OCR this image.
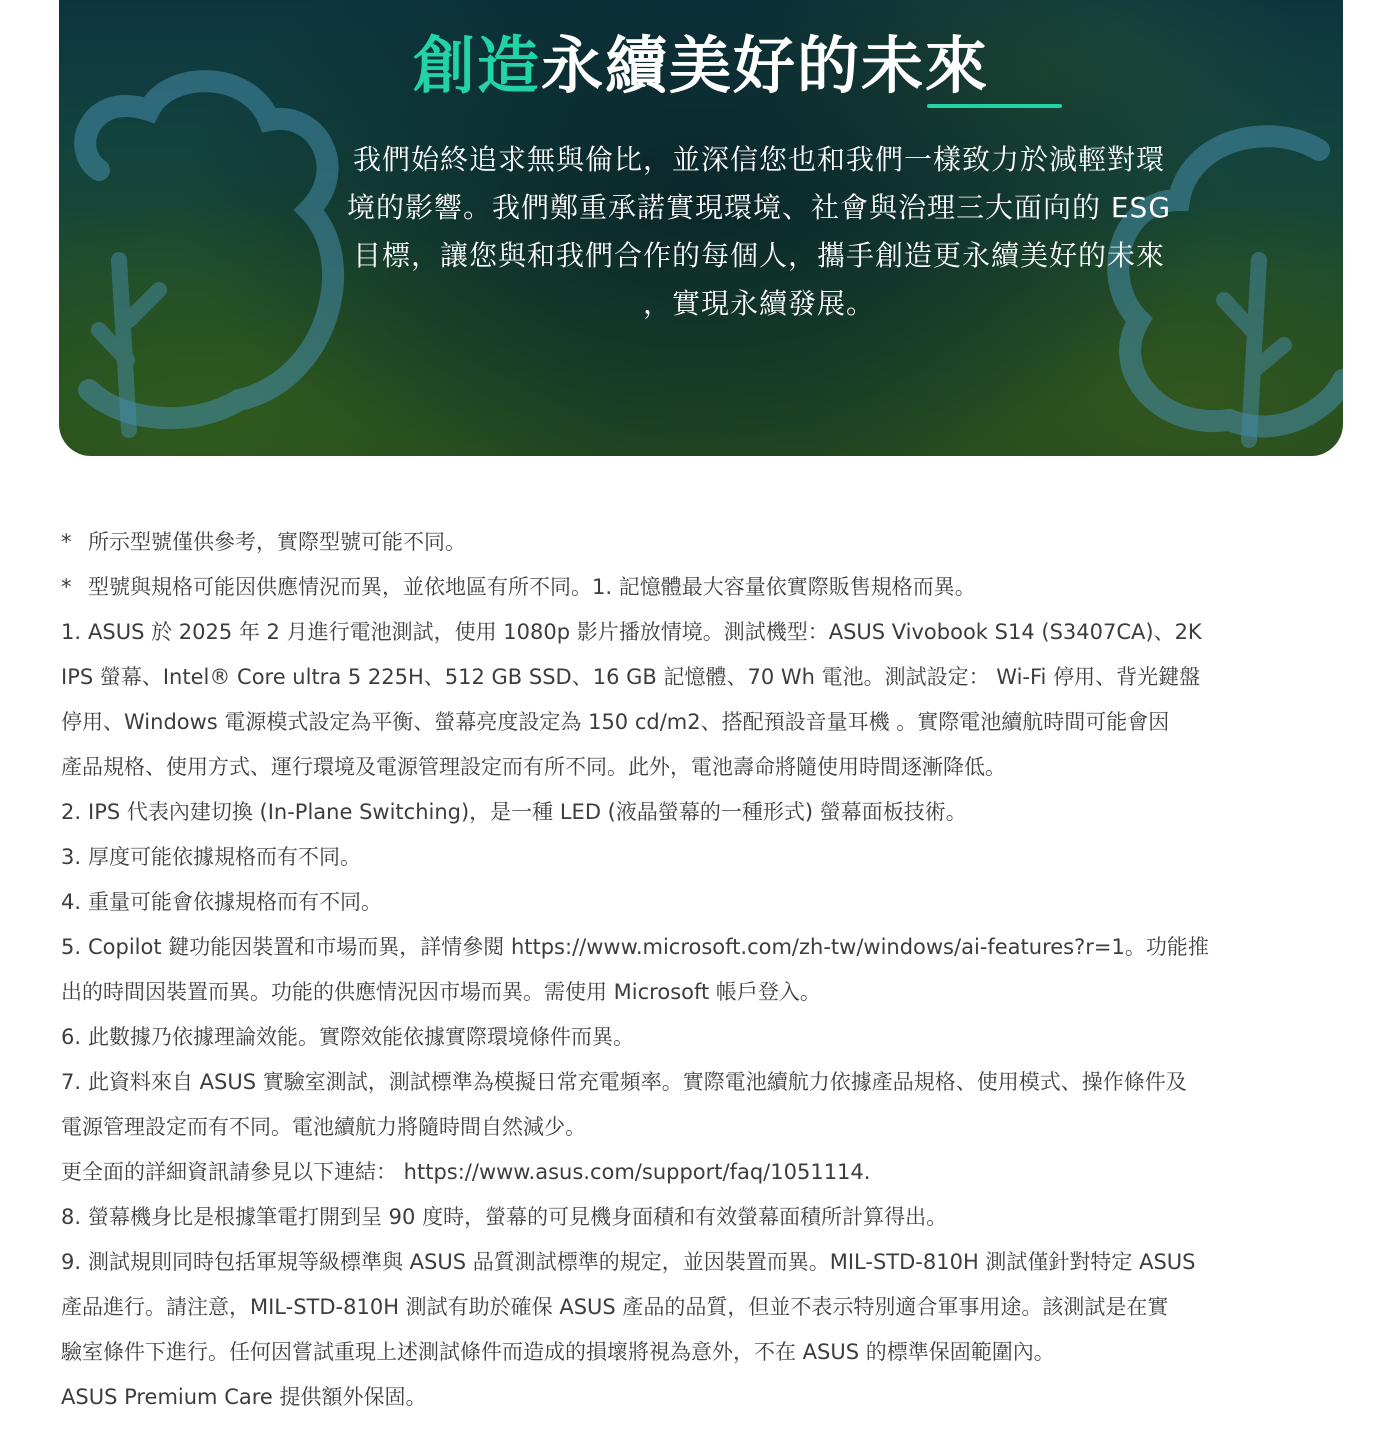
創造永續美好的未來

我們始終追求無與倫比，並深信您也和我們一樣致力於減輕對環

境的影響。我們鄭重承諾實現環境、社會與治理三大面向的 ESG

目標，讓您與和我們合作的每個人，攜手創造更永續美好的未來

，實現永續發展。

* 所示型號僅供參考，實際型號可能不同。

* 型號與規格可能因供應情況而異，並依地區有所不同。1. 記憶體最大容量依實際販售規格而異。

1. ASUS 於 2025 年 2 月進行電池測試，使用 1080p 影片播放情境。測試機型：ASUS Vivobook S14 (S3407CA)、2K

IPS 螢幕、Intel® Core ultra 5 225H、512 GB SSD、16 GB 記憶體、70 Wh 電池。測試設定： Wi-Fi 停用、背光鍵盤

停用、Windows 電源模式設定為平衡、螢幕亮度設定為 150 cd/m2、搭配預設音量耳機 。實際電池續航時間可能會因

產品規格、使用方式、運行環境及電源管理設定而有所不同。此外，電池壽命將隨使用時間逐漸降低。

2. IPS 代表內建切換 (In-Plane Switching)，是一種 LED (液晶螢幕的一種形式) 螢幕面板技術。

3. 厚度可能依據規格而有不同。

4. 重量可能會依據規格而有不同。

5. Copilot 鍵功能因裝置和市場而異，詳情參閱 https://www.microsoft.com/zh-tw/windows/ai-features?r=1。功能推

出的時間因裝置而異。功能的供應情況因市場而異。需使用 Microsoft 帳戶登入。

6. 此數據乃依據理論效能。實際效能依據實際環境條件而異。

7. 此資料來自 ASUS 實驗室測試，測試標準為模擬日常充電頻率。實際電池續航力依據產品規格、使用模式、操作條件及

電源管理設定而有不同。電池續航力將隨時間自然減少。

更全面的詳細資訊請參見以下連結： https://www.asus.com/support/faq/1051114.

8. 螢幕機身比是根據筆電打開到呈 90 度時，螢幕的可見機身面積和有效螢幕面積所計算得出。

9. 測試規則同時包括軍規等級標準與 ASUS 品質測試標準的規定，並因裝置而異。MIL-STD-810H 測試僅針對特定 ASUS

產品進行。請注意，MIL-STD-810H 測試有助於確保 ASUS 產品的品質，但並不表示特別適合軍事用途。該測試是在實

驗室條件下進行。任何因嘗試重現上述測試條件而造成的損壞將視為意外，不在 ASUS 的標準保固範圍內。

ASUS Premium Care 提供額外保固。
